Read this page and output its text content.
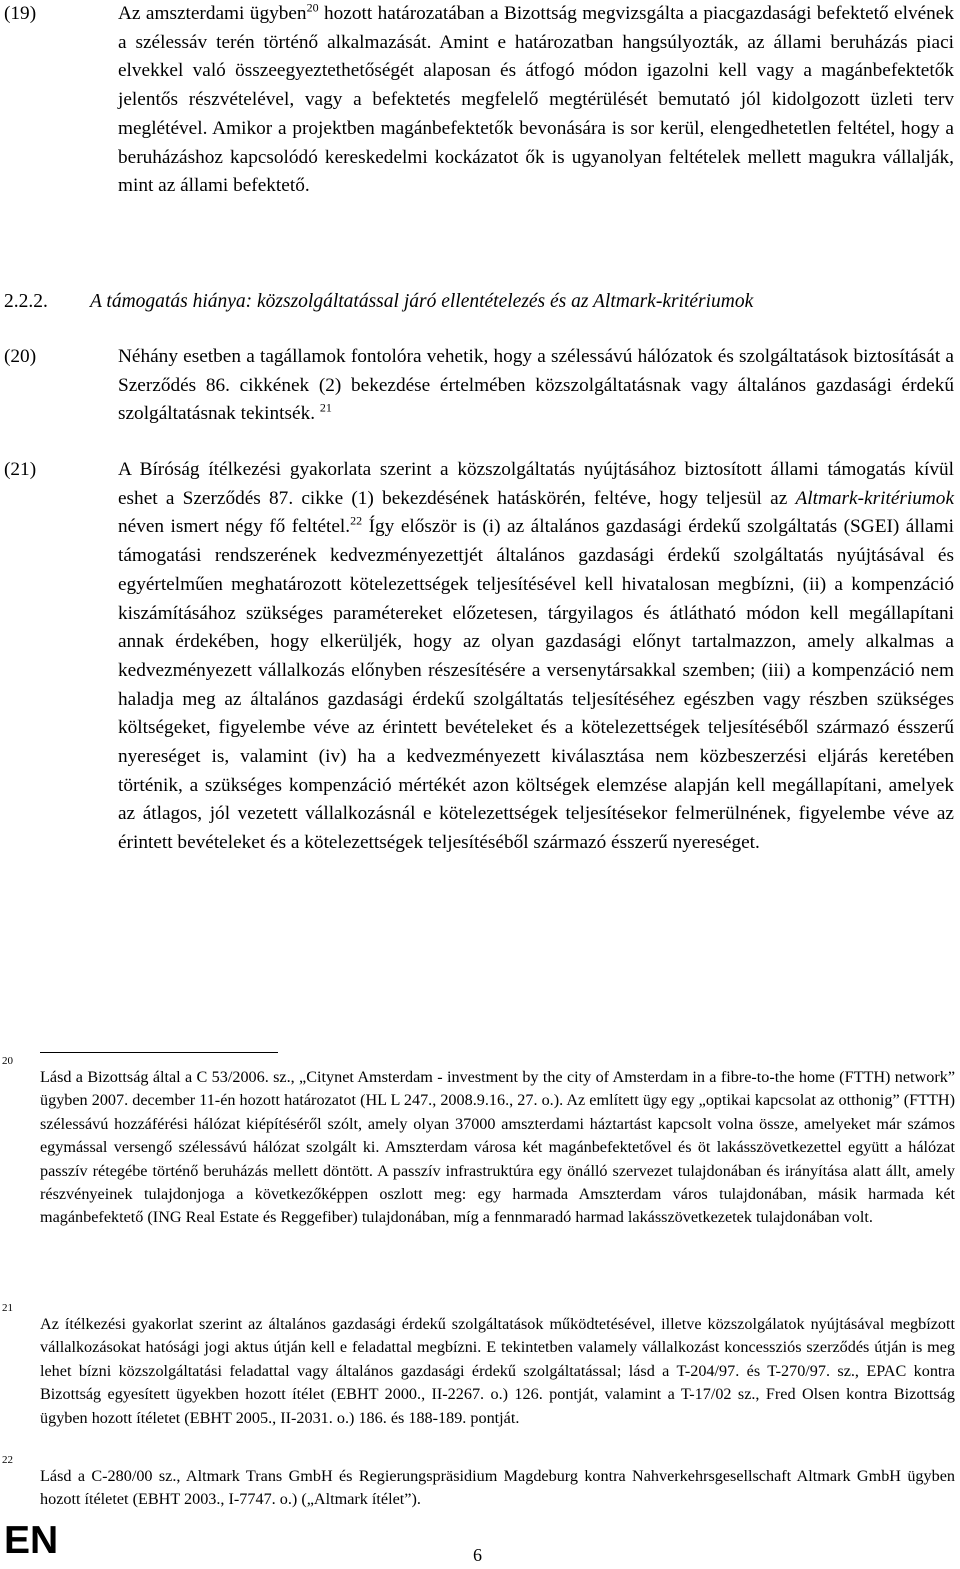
(19)	Az amszterdami ügyben$^{20}$ hozott határozatában a Bizottság megvizsgálta a piacgazdasági befektető elvének a szélessáv terén történő alkalmazását. Amint e határozatban hangsúlyozták, az állami beruházás piaci elvekkel való összeegyeztethetőségét alaposan és átfogó módon igazolni kell vagy a magánbefektetők jelentős részvételével, vagy a befektetés megfelelő megtérülését bemutató jól kidolgozott üzleti terv meglétével. Amikor a projektben magánbefektetők bevonására is sor kerül, elengedhetetlen feltétel, hogy a beruházáshoz kapcsolódó kereskedelmi kockázatot ők is ugyanolyan feltételek mellett magukra vállalják, mint az állami befektető.
2.2.2. A támogatás hiánya: közszolgáltatással járó ellentételezés és az Altmark-kritériumok
(20)	Néhány esetben a tagállamok fontolóra vehetik, hogy a szélessávú hálózatok és szolgáltatások biztosítását a Szerződés 86. cikkének (2) bekezdése értelmében közszolgáltatásnak vagy általános gazdasági érdekű szolgáltatásnak tekintsék. $^{21}$
(21)	A Bíróság ítélkezési gyakorlata szerint a közszolgáltatás nyújtásához biztosított állami támogatás kívül eshet a Szerződés 87. cikke (1) bekezdésének hatáskörén, feltéve, hogy teljesül az Altmark-kritériumok néven ismert négy fő feltétel.$^{22}$ Így először is (i) az általános gazdasági érdekű szolgáltatás (SGEI) állami támogatási rendszerének kedvezményezettjét általános gazdasági érdekű szolgáltatás nyújtásával és egyértelműen meghatározott kötelezettségek teljesítésével kell hivatalosan megbízni, (ii) a kompenzáció kiszámításához szükséges paramétereket előzetesen, tárgyilagos és átlátható módon kell megállapítani annak érdekében, hogy elkerüljék, hogy az olyan gazdasági előnyt tartalmazzon, amely alkalmas a kedvezményezett vállalkozás előnyben részesítésére a versenytársakkal szemben; (iii) a kompenzáció nem haladja meg az általános gazdasági érdekű szolgáltatás teljesítéséhez egészben vagy részben szükséges költségeket, figyelembe véve az érintett bevételeket és a kötelezettségek teljesítéséből származó ésszerű nyereséget is, valamint (iv) ha a kedvezményezett kiválasztása nem közbeszerzési eljárás keretében történik, a szükséges kompenzáció mértékét azon költségek elemzése alapján kell megállapítani, amelyek az átlagos, jól vezetett vállalkozásnál e kötelezettségek teljesítésekor felmerülnének, figyelembe véve az érintett bevételeket és a kötelezettségek teljesítéséből származó ésszerű nyereséget.
20
Lásd a Bizottság által a C 53/2006. sz., „Citynet Amsterdam - investment by the city of Amsterdam in a fibre-to-the home (FTTH) network” ügyben 2007. december 11-én hozott határozatot (HL L 247., 2008.9.16., 27. o.). Az említett ügy egy „optikai kapcsolat az otthonig” (FTTH) szélessávú hozzáférési hálózat kiépítéséről szólt, amely olyan 37000 amszterdami háztartást kapcsolt volna össze, amelyeket már számos egymással versengő szélessávú hálózat szolgált ki. Amszterdam városa két magánbefektetővel és öt lakásszövetkezettel együtt a hálózat passzív rétegébe történő beruházás mellett döntött. A passzív infrastruktúra egy önálló szervezet tulajdonában és irányítása alatt állt, amely részvényeinek tulajdonjoga a következőképpen oszlott meg: egy harmada Amszterdam város tulajdonában, másik harmada két magánbefektető (ING Real Estate és Reggefiber) tulajdonában, míg a fennmaradó harmad lakásszövetkezetek tulajdonában volt.
21
Az ítélkezési gyakorlat szerint az általános gazdasági érdekű szolgáltatások működtetésével, illetve közszolgálatok nyújtásával megbízott vállalkozásokat hatósági jogi aktus útján kell e feladattal megbízni. E tekintetben valamely vállalkozást koncessziós szerződés útján is meg lehet bízni közszolgáltatási feladattal vagy általános gazdasági érdekű szolgáltatással; lásd a T-204/97. és T-270/97. sz., EPAC kontra Bizottság egyesített ügyekben hozott ítélet (EBHT 2000., II-2267. o.) 126. pontját, valamint a T-17/02 sz., Fred Olsen kontra Bizottság ügyben hozott ítéletet (EBHT 2005., II-2031. o.) 186. és 188-189. pontját.
22
Lásd a C-280/00 sz., Altmark Trans GmbH és Regierungspräsidium Magdeburg kontra Nahverkehrsgesellschaft Altmark GmbH ügyben hozott ítéletet (EBHT 2003., I-7747. o.) („Altmark ítélet”).
EN	6
